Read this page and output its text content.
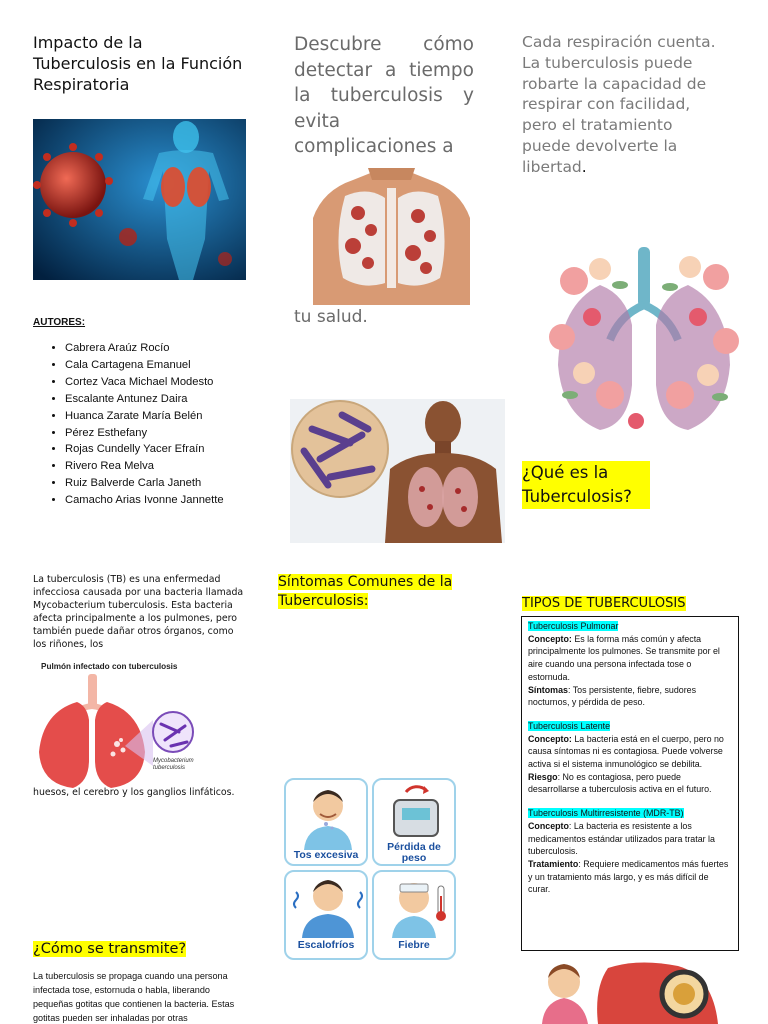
Impacto de la Tuberculosis en la Función Respiratoria
AUTORES:
• Cabrera Araúz Rocío
• Cala Cartagena Emanuel
• Cortez Vaca Michael Modesto
• Escalante Antunez Daira
• Huanca Zarate María Belén
• Pérez Esthefany
• Rojas Cundelly Yacer Efraín
• Rivero Rea Melva
• Ruiz Balverde Carla Janeth
• Camacho Arias Ivonne Jannette
Descubre cómo detectar a tiempo la tuberculosis y evita complicaciones a
tu salud.
Cada respiración cuenta. La tuberculosis puede robarte la capacidad de respirar con facilidad, pero el tratamiento puede devolverte la libertad.
¿Qué es la Tuberculosis?
La tuberculosis (TB) es una enfermedad infecciosa causada por una bacteria llamada Mycobacterium tuberculosis. Esta bacteria afecta principalmente a los pulmones, pero también puede dañar otros órganos, como los riñones, los
Pulmón infectado con tuberculosis
Mycobacterium tuberculosis
huesos, el cerebro y los ganglios linfáticos.
Síntomas Comunes de la Tuberculosis:
Tos excesiva
Pérdida de peso
Escalofríos	Fiebre
TIPOS DE TUBERCULOSIS
Tuberculosis Pulmonar
Concepto: Es la forma más común y afecta principalmente los pulmones. Se transmite por el aire cuando una persona infectada tose o estornuda.
Síntomas: Tos persistente, fiebre, sudores nocturnos, y pérdida de peso.
Tuberculosis Latente
Concepto: La bacteria está en el cuerpo, pero no causa síntomas ni es contagiosa. Puede volverse activa si el sistema inmunológico se debilita.
Riesgo: No es contagiosa, pero puede desarrollarse a tuberculosis activa en el futuro.
Tuberculosis Multirresistente (MDR-TB)
Concepto: La bacteria es resistente a los medicamentos estándar utilizados para tratar la tuberculosis.
Tratamiento: Requiere medicamentos más fuertes y un tratamiento más largo, y es más difícil de curar.
¿Cómo se transmite?
La tuberculosis se propaga cuando una persona infectada tose, estornuda o habla, liberando pequeñas gotitas que contienen la bacteria. Estas gotitas pueden ser inhaladas por otras
